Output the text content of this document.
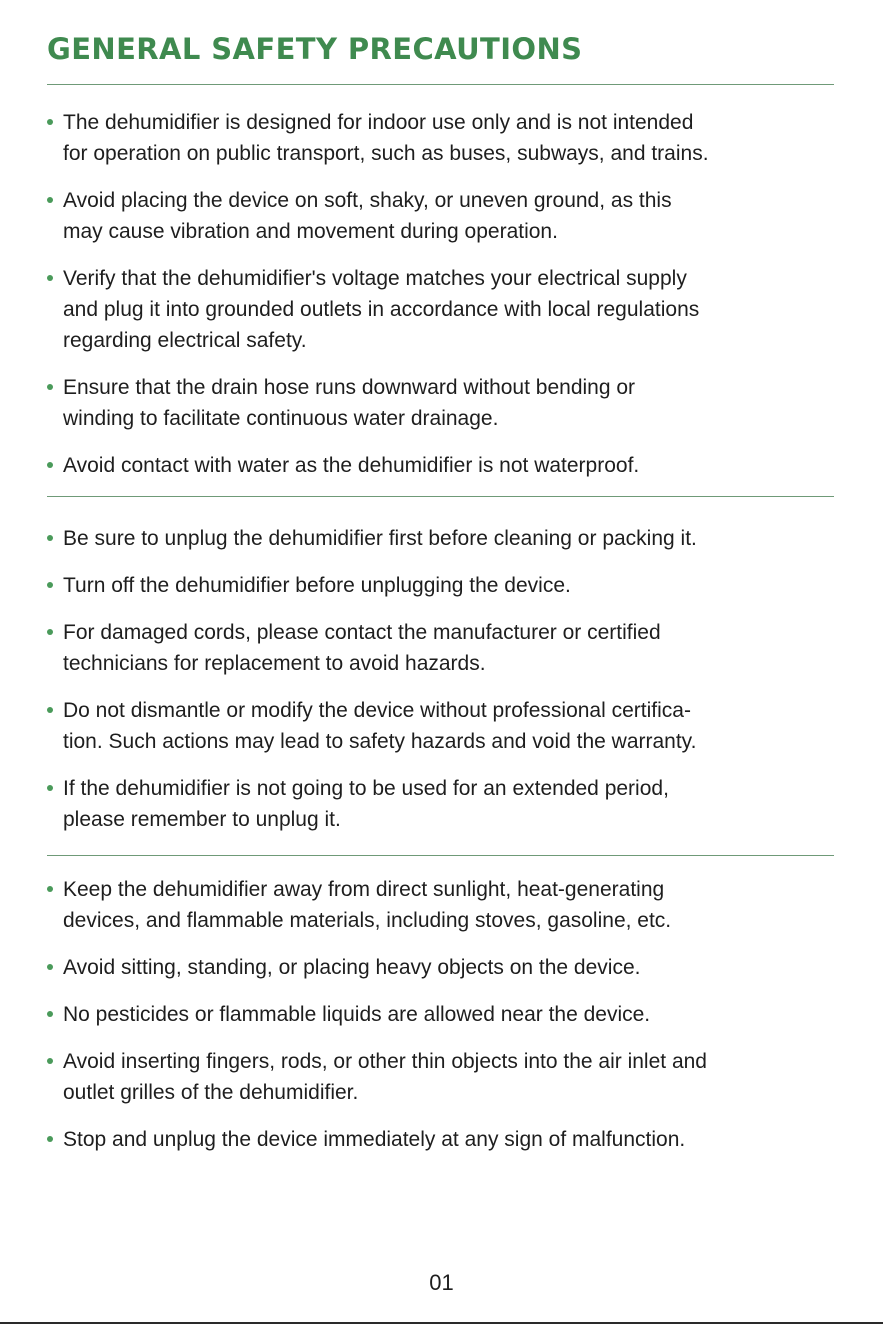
GENERAL SAFETY PRECAUTIONS
The dehumidifier is designed for indoor use only and is not intended
for operation on public transport, such as buses, subways, and trains.
Avoid placing the device on soft, shaky, or uneven ground, as this
may cause vibration and movement during operation.
Verify that the dehumidifier's voltage matches your electrical supply
and plug it into grounded outlets in accordance with local regulations
regarding electrical safety.
Ensure that the drain hose runs downward without bending or
winding to facilitate continuous water drainage.
Avoid contact with water as the dehumidifier is not waterproof.
Be sure to unplug the dehumidifier first before cleaning or packing it.
Turn off the dehumidifier before unplugging the device.
For damaged cords, please contact the manufacturer or certified
technicians for replacement to avoid hazards.
Do not dismantle or modify the device without professional certifica-
tion. Such actions may lead to safety hazards and void the warranty.
If the dehumidifier is not going to be used for an extended period,
please remember to unplug it.
Keep the dehumidifier away from direct sunlight, heat-generating
devices, and flammable materials, including stoves, gasoline, etc.
Avoid sitting, standing, or placing heavy objects on the device.
No pesticides or flammable liquids are allowed near the device.
Avoid inserting fingers, rods, or other thin objects into the air inlet and
outlet grilles of the dehumidifier.
Stop and unplug the device immediately at any sign of malfunction.
01
